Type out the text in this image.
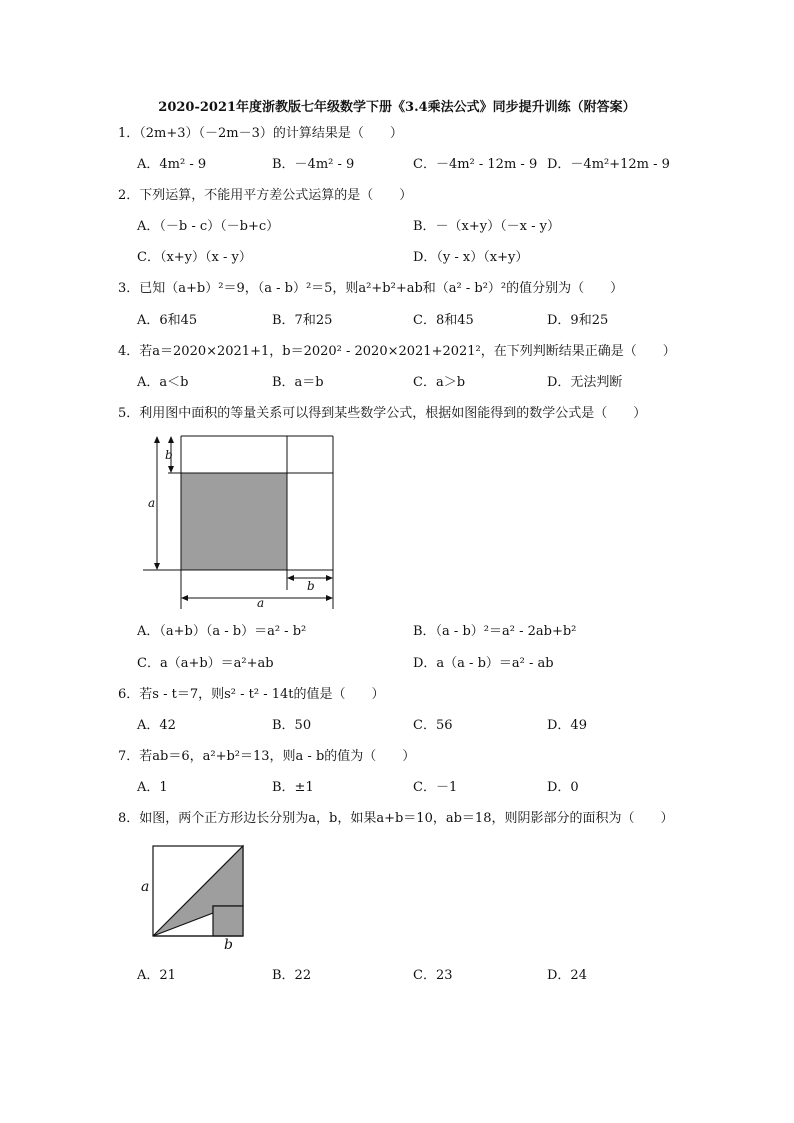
2020-2021年度浙教版七年级数学下册《3.4乘法公式》同步提升训练（附答案）
1．（2m+3）（－2m－3）的计算结果是（　　）
A．4m² - 9	B．－4m² - 9	C．－4m² - 12m - 9 D．－4m²+12m - 9
2．下列运算，不能用平方差公式运算的是（　　）
A．（－b - c）（－b+c）	B．－（x+y）（－x - y）
C．（x+y）（x - y）	D．（y - x）（x+y）
3．已知（a+b）²＝9，（a - b）²＝5，则a²+b²+ab和（a² - b²）²的值分别为（　　）
A．6和45	B．7和25	C．8和45	D．9和25
4．若a＝2020×2021+1，b＝2020² - 2020×2021+2021²，在下列判断结果正确是（　　）
A．a＜b	B．a＝b	C．a＞b	D．无法判断
5．利用图中面积的等量关系可以得到某些数学公式，根据如图能得到的数学公式是（　　）
b
a
b
a
A．（a+b）（a - b）＝a² - b²	B．（a - b）²＝a² - 2ab+b²
C．a（a+b）＝a²+ab	D．a（a - b）＝a² - ab
6．若s - t＝7，则s² - t² - 14t的值是（　　）
A．42	B．50	C．56	D．49
7．若ab＝6，a²+b²＝13，则a - b的值为（　　）
A．1	B．±1	C．－1	D．0
8．如图，两个正方形边长分别为a，b，如果a+b＝10，ab＝18，则阴影部分的面积为（　　）
a
b
A．21	B．22	C．23	D．24
